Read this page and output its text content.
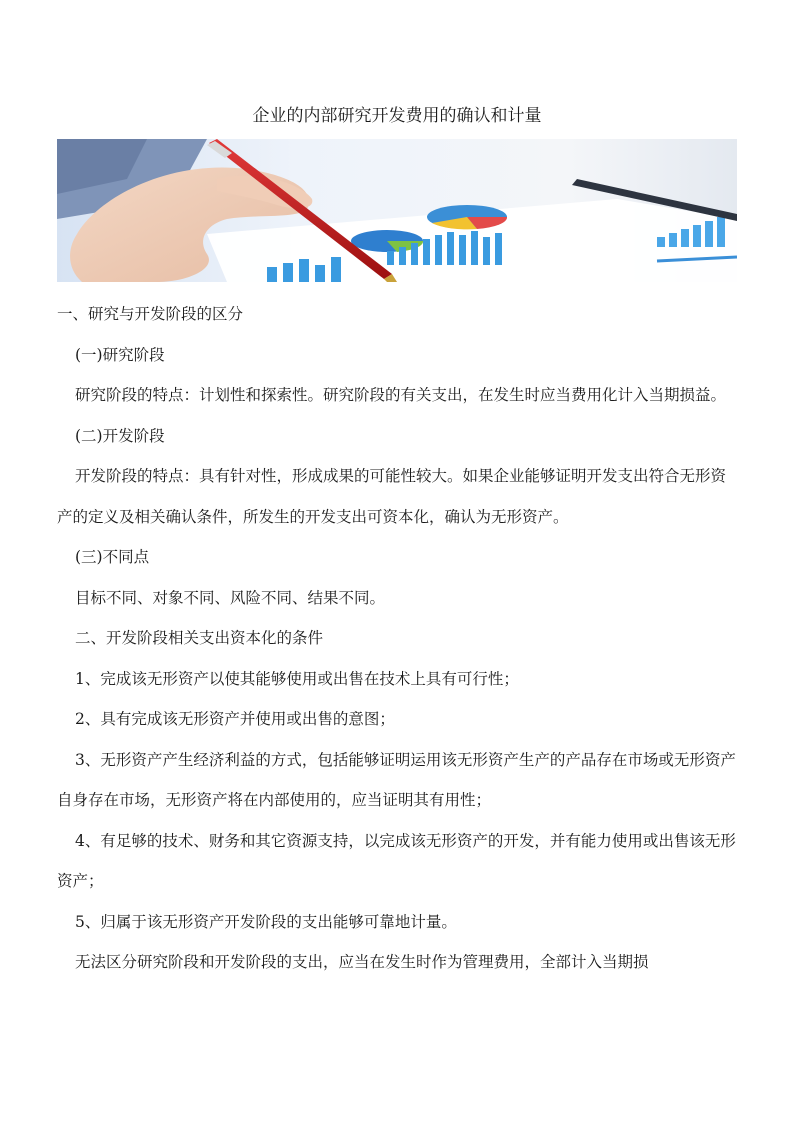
企业的内部研究开发费用的确认和计量

一、研究与开发阶段的区分

(一)研究阶段

研究阶段的特点：计划性和探索性。研究阶段的有关支出，在发生时应当费用化计入当期损益。

(二)开发阶段

开发阶段的特点：具有针对性，形成成果的可能性较大。如果企业能够证明开发支出符合无形资产的定义及相关确认条件，所发生的开发支出可资本化，确认为无形资产。

(三)不同点

目标不同、对象不同、风险不同、结果不同。

二、开发阶段相关支出资本化的条件

1、完成该无形资产以使其能够使用或出售在技术上具有可行性；

2、具有完成该无形资产并使用或出售的意图；

3、无形资产产生经济利益的方式，包括能够证明运用该无形资产生产的产品存在市场或无形资产自身存在市场，无形资产将在内部使用的，应当证明其有用性；

4、有足够的技术、财务和其它资源支持，以完成该无形资产的开发，并有能力使用或出售该无形资产；

5、归属于该无形资产开发阶段的支出能够可靠地计量。

无法区分研究阶段和开发阶段的支出，应当在发生时作为管理费用，全部计入当期损
